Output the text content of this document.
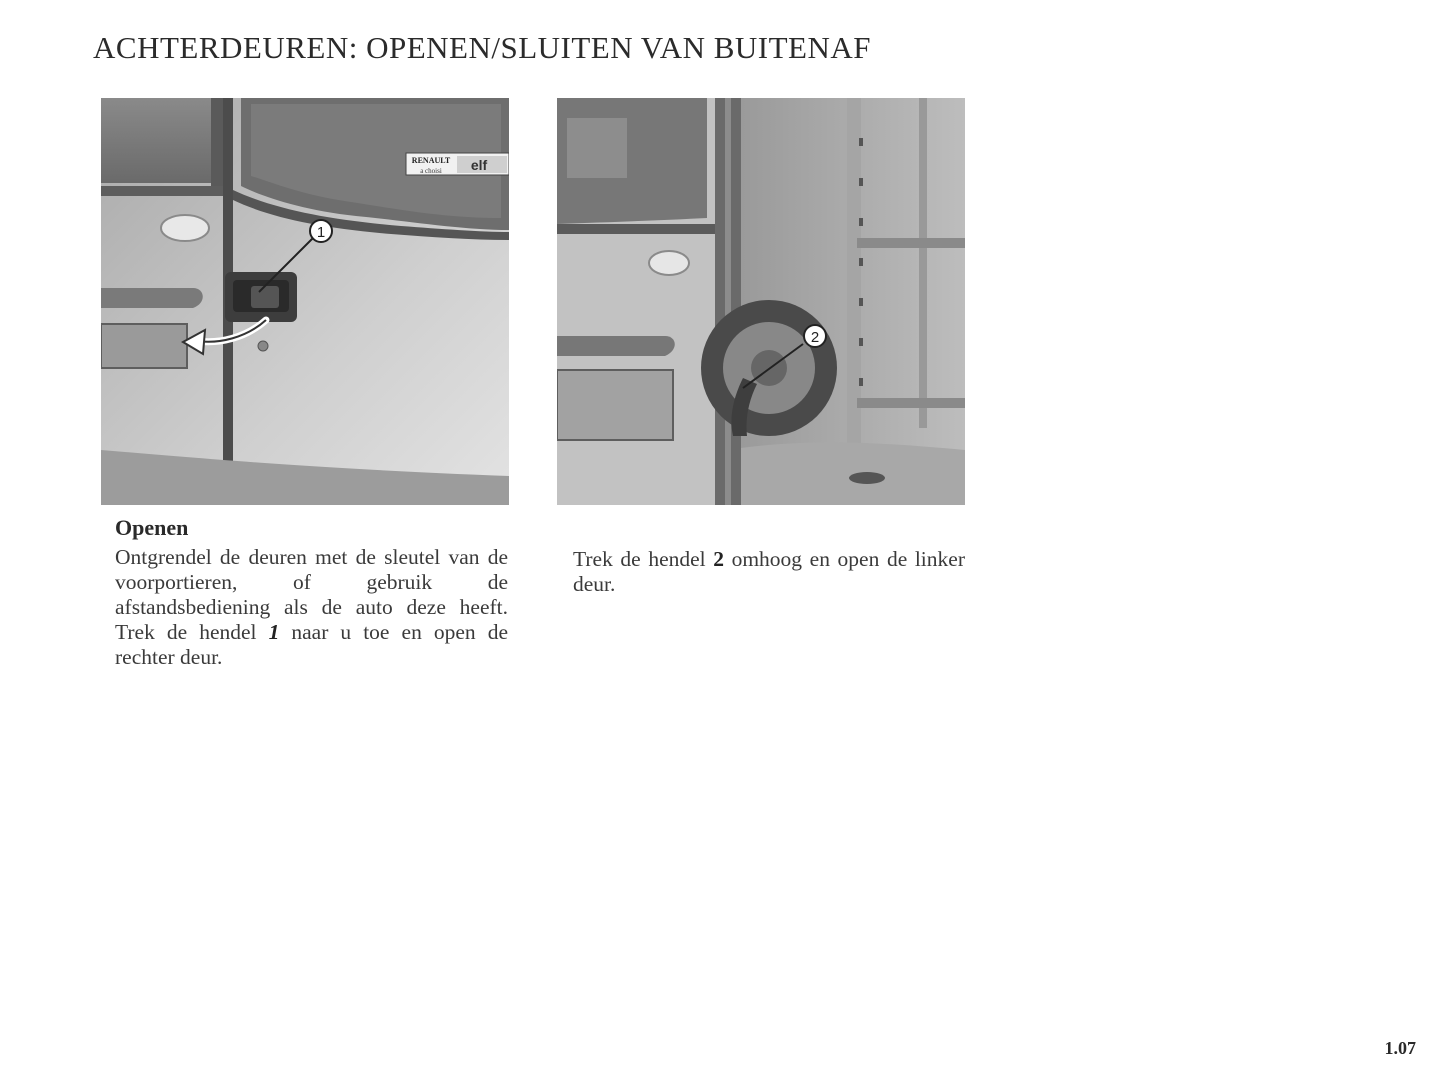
ACHTERDEUREN: OPENEN/SLUITEN VAN BUITENAF
RENAULT
a choisi elf
1
2
Openen

Ontgrendel de deuren met de sleutel van de voorportieren, of gebruik de afstandsbediening als de auto deze heeft. Trek de hendel 1 naar u toe en open de rechter deur.

Trek de hendel 2 omhoog en open de linker deur.

1.07
